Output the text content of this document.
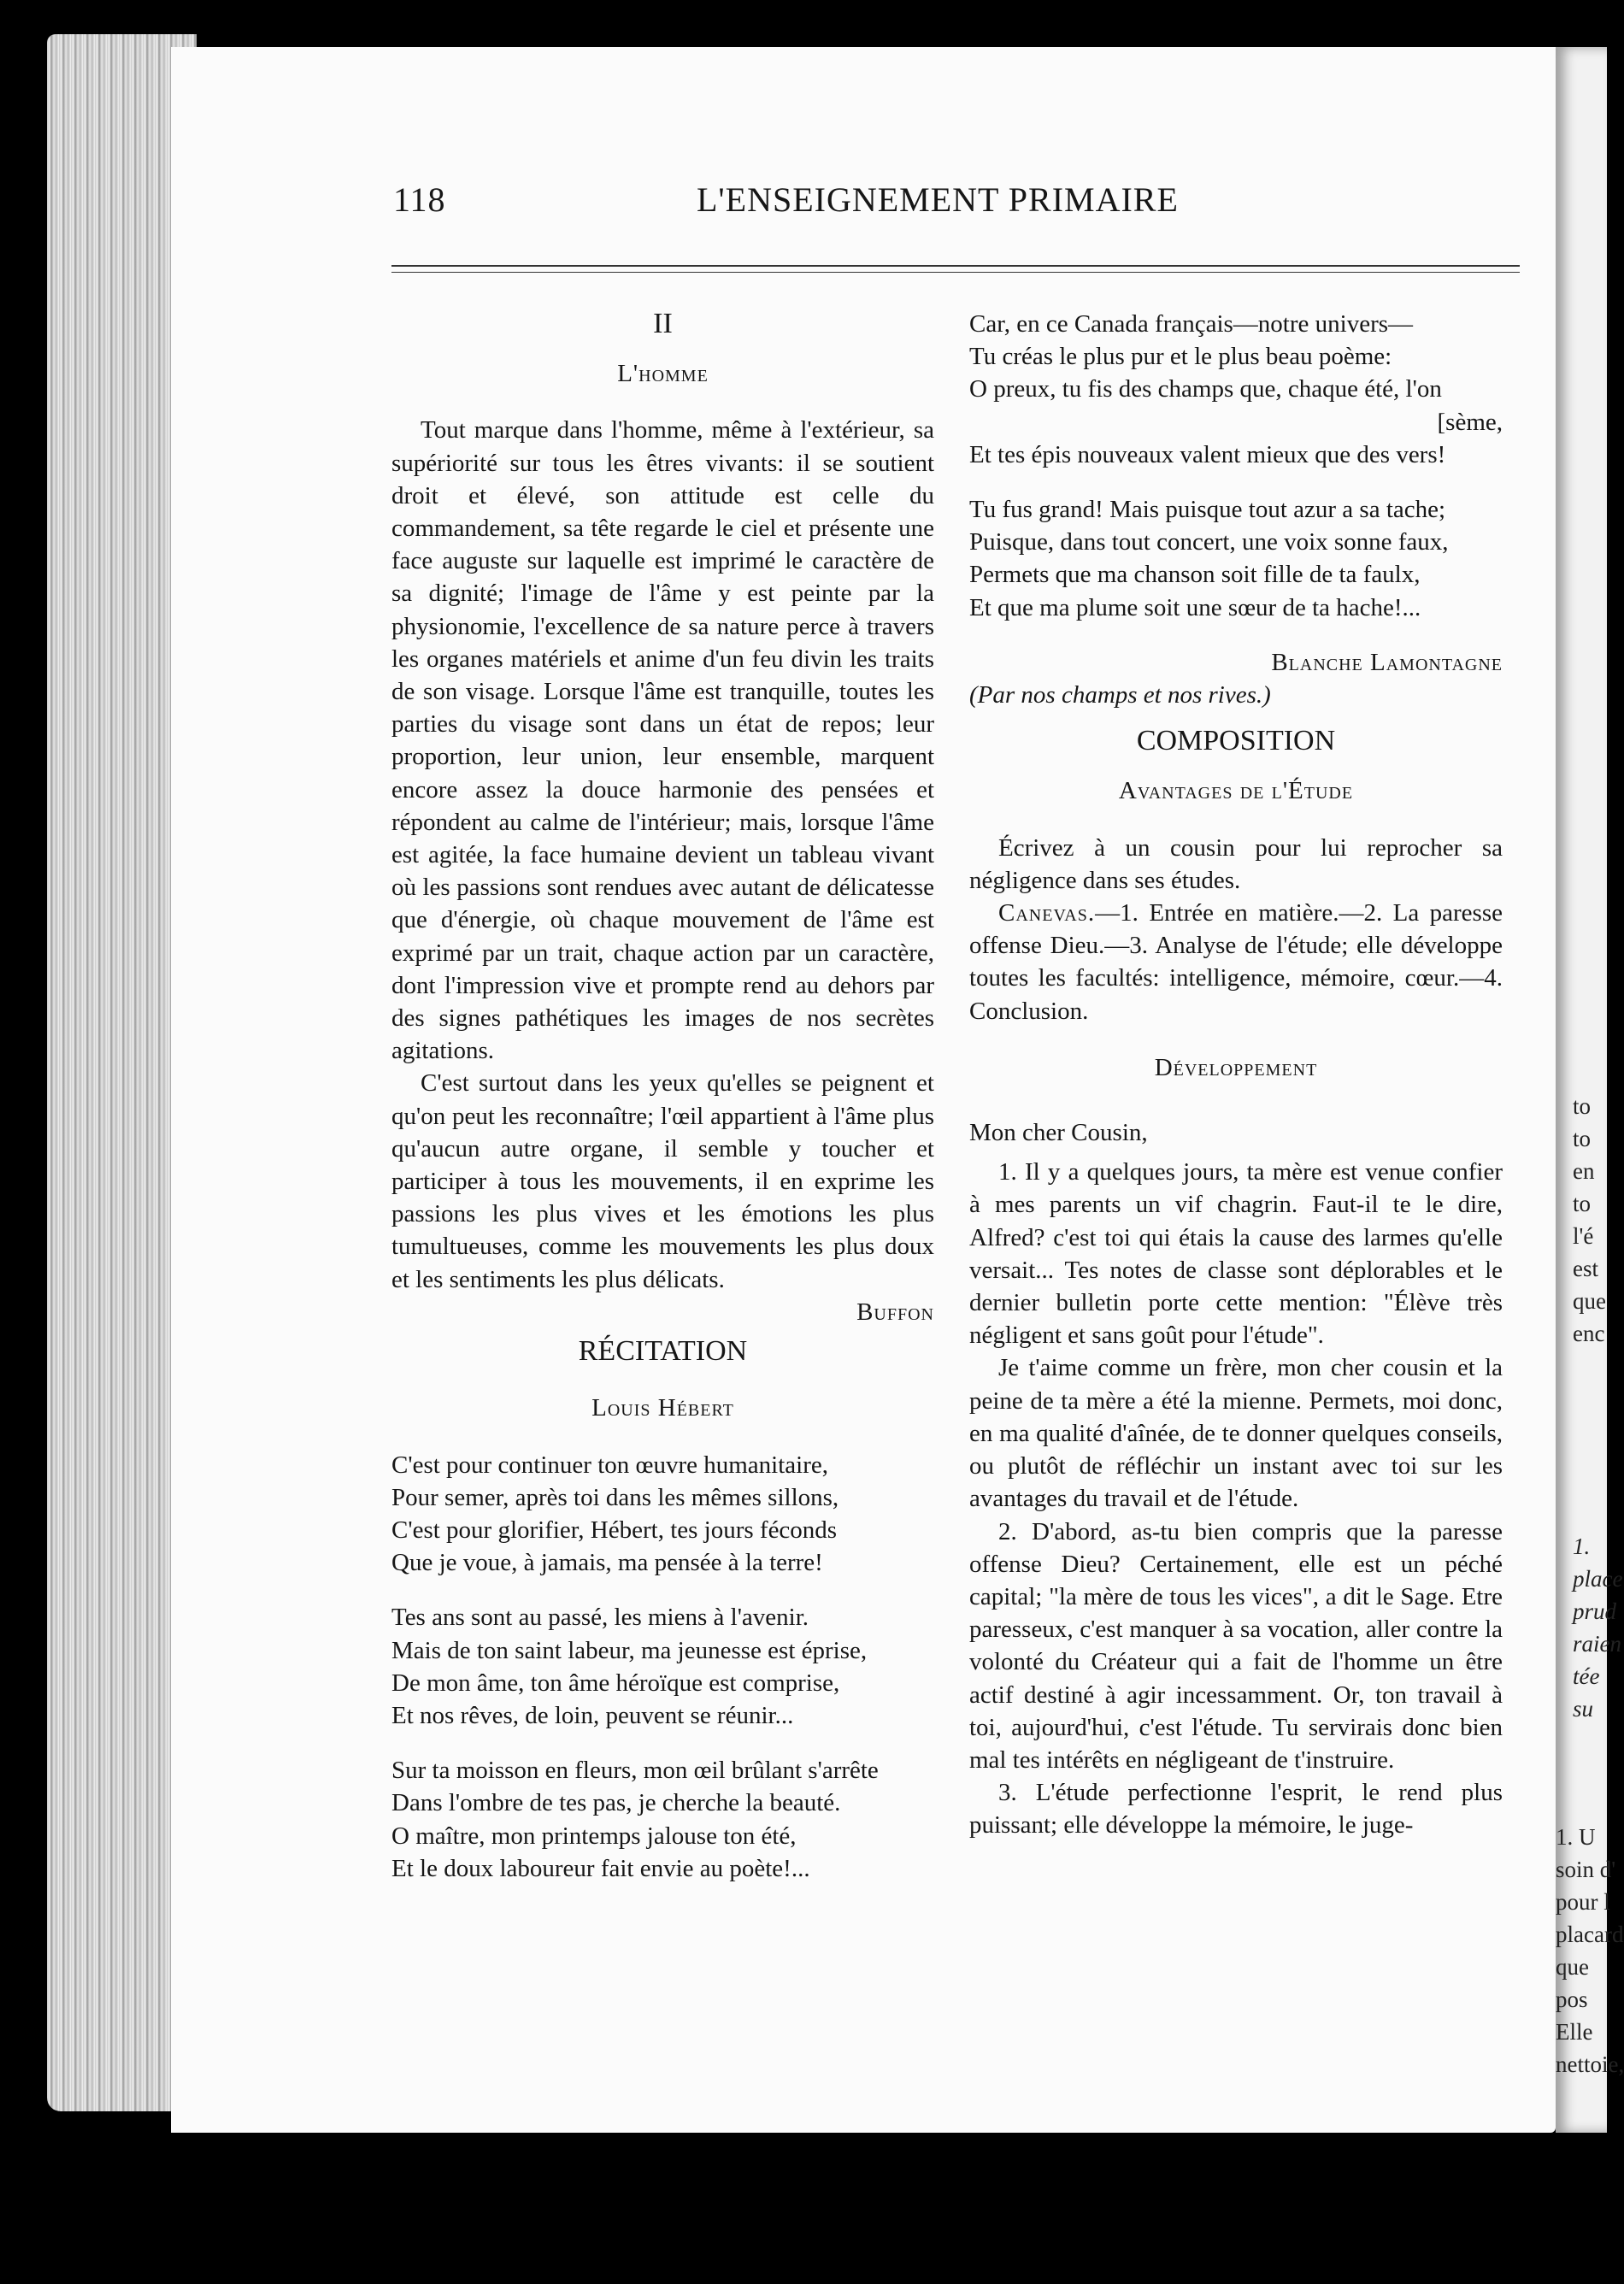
to
to
en
to
l'é
est
que
enc
1.
place
prud
raien
tée su
1. U
soin d'
pour l
placard
que pos
Elle
nettoie,
118	L'ENSEIGNEMENT PRIMAIRE
II
L'homme

Tout marque dans l'homme, même à l'extérieur, sa supériorité sur tous les êtres vivants: il se soutient droit et élevé, son attitude est celle du commandement, sa tête regarde le ciel et présente une face auguste sur laquelle est imprimé le caractère de sa dignité; l'image de l'âme y est peinte par la physionomie, l'excellence de sa nature perce à travers les organes matériels et anime d'un feu divin les traits de son visage. Lorsque l'âme est tranquille, toutes les parties du visage sont dans un état de repos; leur proportion, leur union, leur ensemble, marquent encore assez la douce harmonie des pensées et répondent au calme de l'intérieur; mais, lorsque l'âme est agitée, la face humaine devient un tableau vivant où les passions sont rendues avec autant de délicatesse que d'énergie, où chaque mouvement de l'âme est exprimé par un trait, chaque action par un caractère, dont l'impression vive et prompte rend au dehors par des signes pathétiques les images de nos secrètes agitations.

C'est surtout dans les yeux qu'elles se peignent et qu'on peut les reconnaître; l'œil appartient à l'âme plus qu'aucun autre organe, il semble y toucher et participer à tous les mouvements, il en exprime les passions les plus vives et les émotions les plus tumultueuses, comme les mouvements les plus doux et les sentiments les plus délicats.

Buffon
RÉCITATION
Louis Hébert
C'est pour continuer ton œuvre humanitaire,
Pour semer, après toi dans les mêmes sillons,
C'est pour glorifier, Hébert, tes jours féconds
Que je voue, à jamais, ma pensée à la terre!
Tes ans sont au passé, les miens à l'avenir.
Mais de ton saint labeur, ma jeunesse est éprise,
De mon âme, ton âme héroïque est comprise,
Et nos rêves, de loin, peuvent se réunir...
Sur ta moisson en fleurs, mon œil brûlant s'arrête
Dans l'ombre de tes pas, je cherche la beauté.
O maître, mon printemps jalouse ton été,
Et le doux laboureur fait envie au poète!...
Car, en ce Canada français—notre univers—
Tu créas le plus pur et le plus beau poème:
O preux, tu fis des champs que, chaque été, l'on
[sème,
Et tes épis nouveaux valent mieux que des vers!
Tu fus grand! Mais puisque tout azur a sa tache;
Puisque, dans tout concert, une voix sonne faux,
Permets que ma chanson soit fille de ta faulx,
Et que ma plume soit une sœur de ta hache!...
Blanche Lamontagne
(Par nos champs et nos rives.)
COMPOSITION
Avantages de l'Étude

Écrivez à un cousin pour lui reprocher sa négligence dans ses études.

Canevas.—1. Entrée en matière.—2. La paresse offense Dieu.—3. Analyse de l'étude; elle développe toutes les facultés: intelligence, mémoire, cœur.—4. Conclusion.

Développement
Mon cher Cousin,

1. Il y a quelques jours, ta mère est venue confier à mes parents un vif chagrin. Faut-il te le dire, Alfred? c'est toi qui étais la cause des larmes qu'elle versait... Tes notes de classe sont déplorables et le dernier bulletin porte cette mention: "Élève très négligent et sans goût pour l'étude".

Je t'aime comme un frère, mon cher cousin et la peine de ta mère a été la mienne. Permets, moi donc, en ma qualité d'aînée, de te donner quelques conseils, ou plutôt de réfléchir un instant avec toi sur les avantages du travail et de l'étude.

2. D'abord, as-tu bien compris que la paresse offense Dieu? Certainement, elle est un péché capital; "la mère de tous les vices", a dit le Sage. Etre paresseux, c'est manquer à sa vocation, aller contre la volonté du Créateur qui a fait de l'homme un être actif destiné à agir incessamment. Or, ton travail à toi, aujourd'hui, c'est l'étude. Tu servirais donc bien mal tes intérêts en négligeant de t'instruire.

3. L'étude perfectionne l'esprit, le rend plus puissant; elle développe la mémoire, le juge-
